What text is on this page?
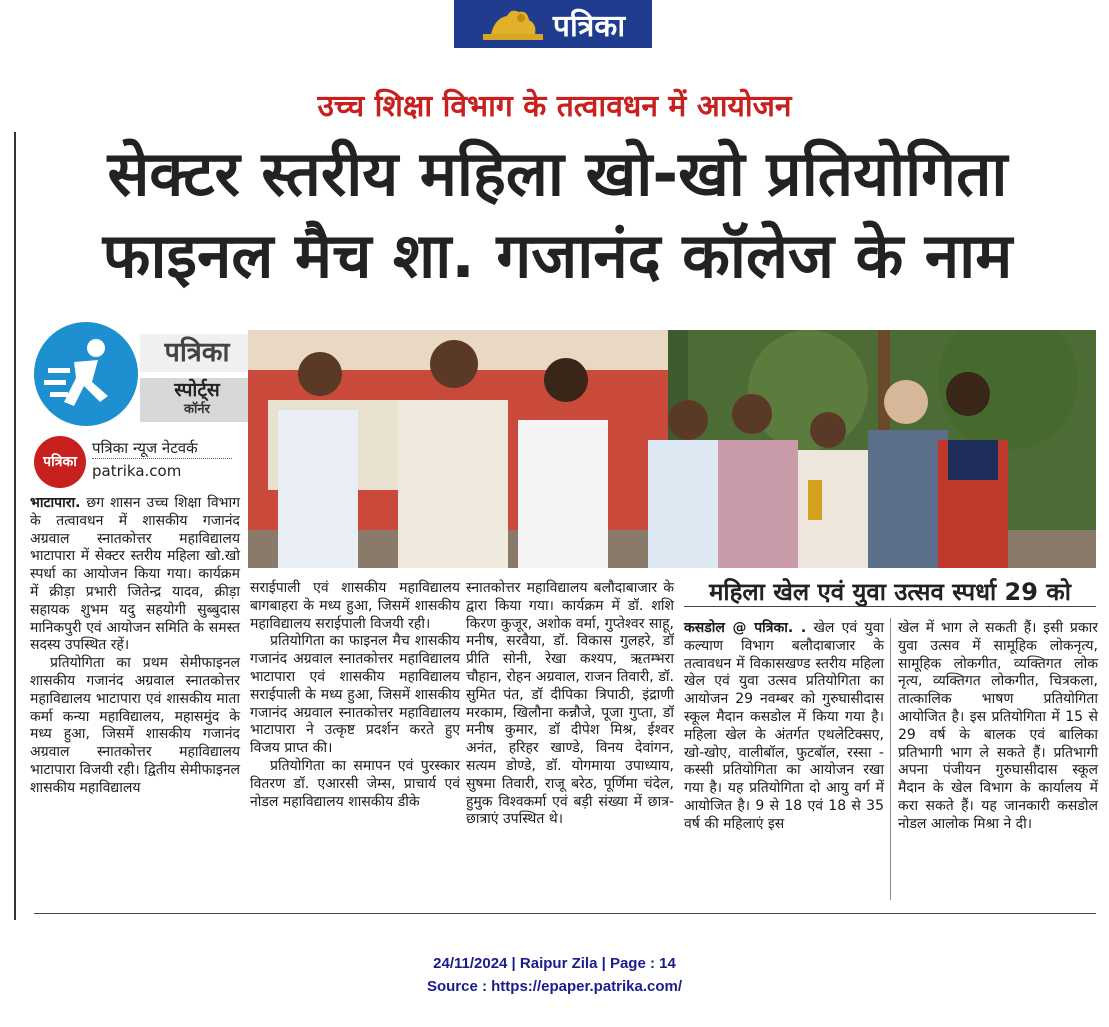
पत्रिका
उच्च शिक्षा विभाग के तत्वावधन में आयोजन
सेक्टर स्तरीय महिला खो-खो प्रतियोगिता
फाइनल मैच शा. गजानंद कॉलेज के नाम
पत्रिका
स्पोर्ट्स
कॉर्नर
पत्रिका
पत्रिका न्यूज नेटवर्क
patrika.com

भाटापारा. छग शासन उच्च शिक्षा विभाग के तत्वावधन में शासकीय गजानंद अग्रवाल स्नातकोत्तर महाविद्यालय भाटापारा में सेक्टर स्तरीय महिला खो.खो स्पर्धा का आयोजन किया गया। कार्यक्रम में क्रीड़ा प्रभारी जितेन्द्र यादव, क्रीड़ा सहायक शुभम यदु सहयोगी सुब्बुदास मानिकपुरी एवं आयोजन समिति के समस्त सदस्य उपस्थित रहें।

प्रतियोगिता का प्रथम सेमीफाइनल शासकीय गजानंद अग्रवाल स्नातकोत्तर महाविद्यालय भाटापारा एवं शासकीय माता कर्मा कन्या महाविद्यालय, महासमुंद के मध्य हुआ, जिसमें शासकीय गजानंद अग्रवाल स्नातकोत्तर महाविद्यालय भाटापारा विजयी रही। द्वितीय सेमीफाइनल शासकीय महाविद्यालय

सराईपाली एवं शासकीय महाविद्यालय बागबाहरा के मध्य हुआ, जिसमें शासकीय महाविद्यालय सराईपाली विजयी रही।

प्रतियोगिता का फाइनल मैच शासकीय गजानंद अग्रवाल स्नातकोत्तर महाविद्यालय भाटापारा एवं शासकीय महाविद्यालय सराईपाली के मध्य हुआ, जिसमें शासकीय गजानंद अग्रवाल स्नातकोत्तर महाविद्यालय भाटापारा ने उत्कृष्ट प्रदर्शन करते हुए विजय प्राप्त की।

प्रतियोगिता का समापन एवं पुरस्कार वितरण डॉ. एआरसी जेम्स, प्राचार्य एवं नोडल महाविद्यालय शासकीय डीके

स्नातकोत्तर महाविद्यालय बलौदाबाजार के द्वारा किया गया। कार्यक्रम में डॉ. शशि किरण कुजूर, अशोक वर्मा, गुप्तेश्वर साहू, मनीष, सरवैया, डॉ. विकास गुलहरे, डॉ प्रीति सोनी, रेखा कश्यप, ऋतम्भरा चौहान, रोहन अग्रवाल, राजन तिवारी, डॉ. सुमित पंत, डॉ दीपिका त्रिपाठी, इंद्राणी मरकाम, खिलौना कन्नौजे, पूजा गुप्ता, डॉ मनीष कुमार, डॉ दीपेश मिश्र, ईश्वर अनंत, हरिहर खाण्डे, विनय देवांगन, सत्यम डोण्डे, डॉ. योगमाया उपाध्याय, सुषमा तिवारी, राजू बरेठ, पूर्णिमा चंदेल, हुमुक विश्वकर्मा एवं बड़ी संख्या में छात्र-छात्राएं उपस्थित थे।

महिला खेल एवं युवा उत्सव स्पर्धा 29 को

कसडोल @ पत्रिका. . खेल एवं युवा कल्याण विभाग बलौदाबाजार के तत्वावधन में विकासखण्ड स्तरीय महिला खेल एवं युवा उत्सव प्रतियोगिता का आयोजन 29 नवम्बर को गुरुघासीदास स्कूल मैदान कसडोल में किया गया है। महिला खेल के अंतर्गत एथलेटिक्सए, खो-खोए, वालीबॉल, फुटबॉल, रस्सा - कस्सी प्रतियोगिता का आयोजन रखा गया है। यह प्रतियोगिता दो आयु वर्ग में आयोजित है। 9 से 18 एवं 18 से 35 वर्ष की महिलाएं इस

खेल में भाग ले सकती हैं। इसी प्रकार युवा उत्सव में सामूहिक लोकनृत्य, सामूहिक लोकगीत, व्यक्तिगत लोक नृत्य, व्यक्तिगत लोकगीत, चित्रकला, तात्कालिक भाषण प्रतियोगिता आयोजित है। इस प्रतियोगिता में 15 से 29 वर्ष के बालक एवं बालिका प्रतिभागी भाग ले सकते हैं। प्रतिभागी अपना पंजीयन गुरुघासीदास स्कूल मैदान के खेल विभाग के कार्यालय में करा सकते हैं। यह जानकारी कसडोल नोडल आलोक मिश्रा ने दी।

24/11/2024 | Raipur Zila | Page : 14
Source : https://epaper.patrika.com/
